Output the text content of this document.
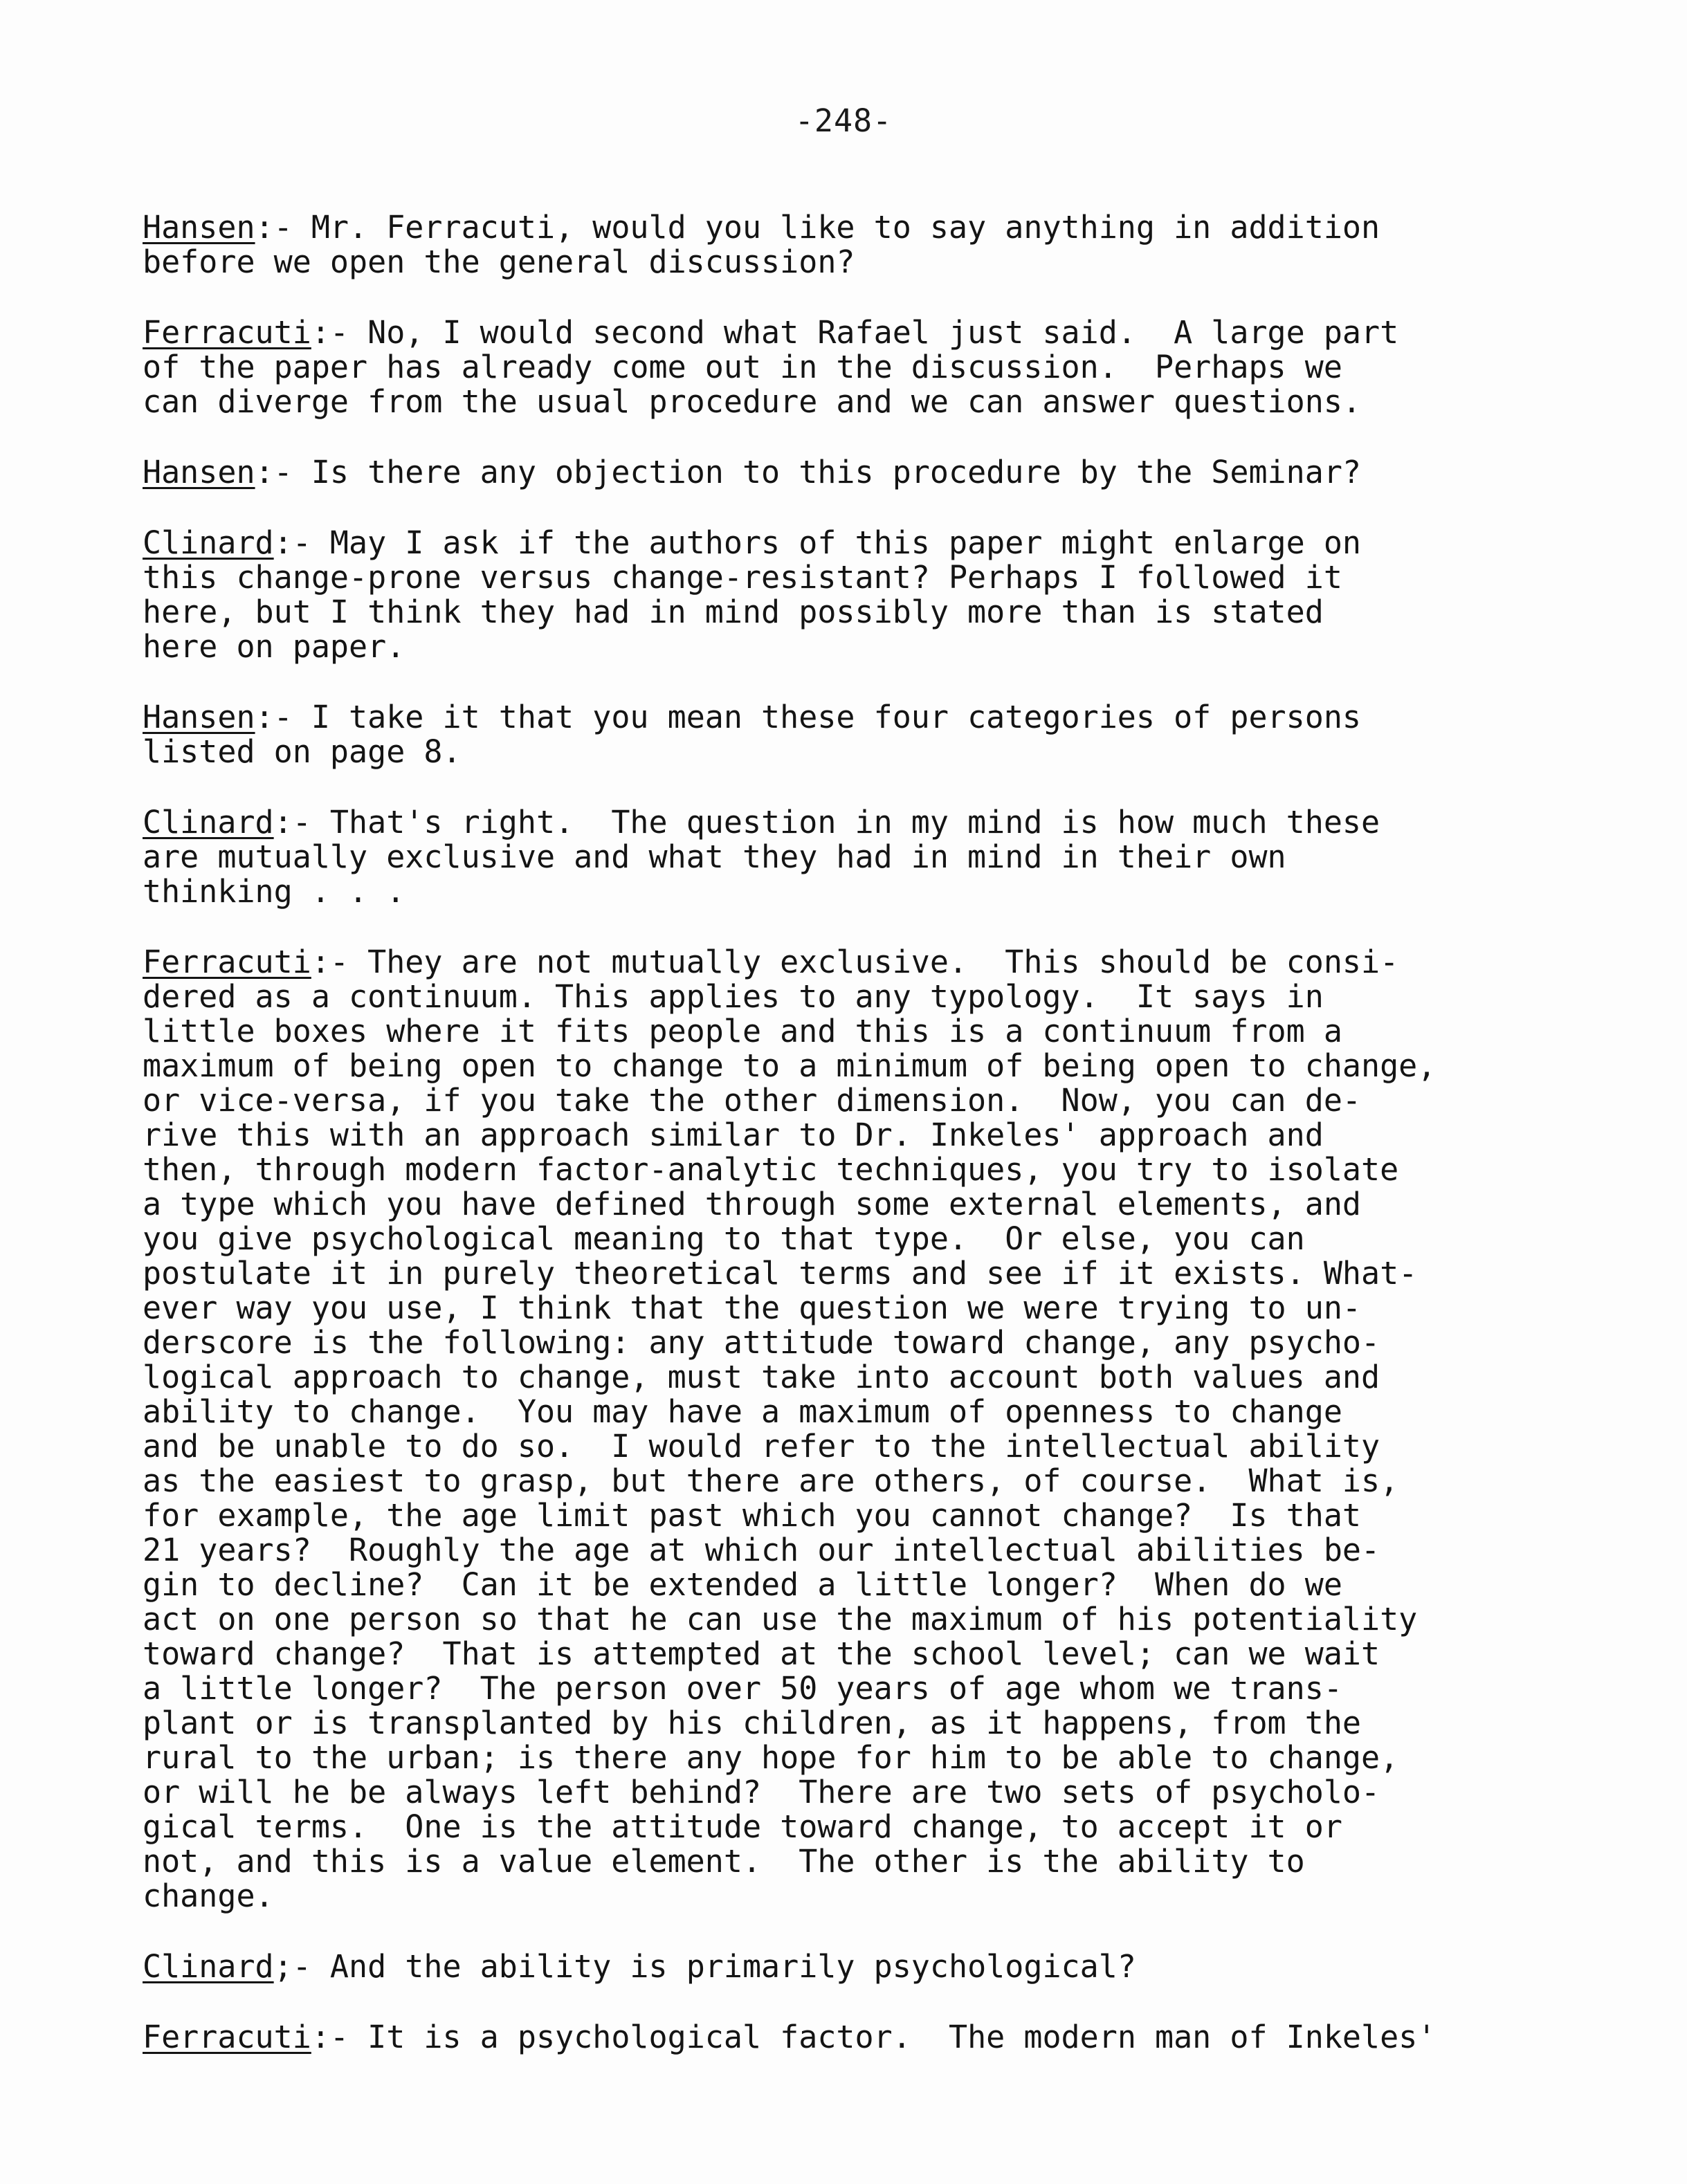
-248-
Hansen:- Mr. Ferracuti, would you like to say anything in addition
before we open the general discussion?
Ferracuti:- No, I would second what Rafael just said.  A large part
of the paper has already come out in the discussion.  Perhaps we
can diverge from the usual procedure and we can answer questions.
Hansen:- Is there any objection to this procedure by the Seminar?
Clinard:- May I ask if the authors of this paper might enlarge on
this change-prone versus change-resistant? Perhaps I followed it
here, but I think they had in mind possibly more than is stated
here on paper.
Hansen:- I take it that you mean these four categories of persons
listed on page 8.
Clinard:- That's right.  The question in my mind is how much these
are mutually exclusive and what they had in mind in their own
thinking . . .
Ferracuti:- They are not mutually exclusive.  This should be consi-
dered as a continuum. This applies to any typology.  It says in
little boxes where it fits people and this is a continuum from a
maximum of being open to change to a minimum of being open to change,
or vice-versa, if you take the other dimension.  Now, you can de-
rive this with an approach similar to Dr. Inkeles' approach and
then, through modern factor-analytic techniques, you try to isolate
a type which you have defined through some external elements, and
you give psychological meaning to that type.  Or else, you can
postulate it in purely theoretical terms and see if it exists. What-
ever way you use, I think that the question we were trying to un-
derscore is the following: any attitude toward change, any psycho-
logical approach to change, must take into account both values and
ability to change.  You may have a maximum of openness to change
and be unable to do so.  I would refer to the intellectual ability
as the easiest to grasp, but there are others, of course.  What is,
for example, the age limit past which you cannot change?  Is that
21 years?  Roughly the age at which our intellectual abilities be-
gin to decline?  Can it be extended a little longer?  When do we
act on one person so that he can use the maximum of his potentiality
toward change?  That is attempted at the school level; can we wait
a little longer?  The person over 50 years of age whom we trans-
plant or is transplanted by his children, as it happens, from the
rural to the urban; is there any hope for him to be able to change,
or will he be always left behind?  There are two sets of psycholo-
gical terms.  One is the attitude toward change, to accept it or
not, and this is a value element.  The other is the ability to
change.
Clinard;- And the ability is primarily psychological?
Ferracuti:- It is a psychological factor.  The modern man of Inkeles'
